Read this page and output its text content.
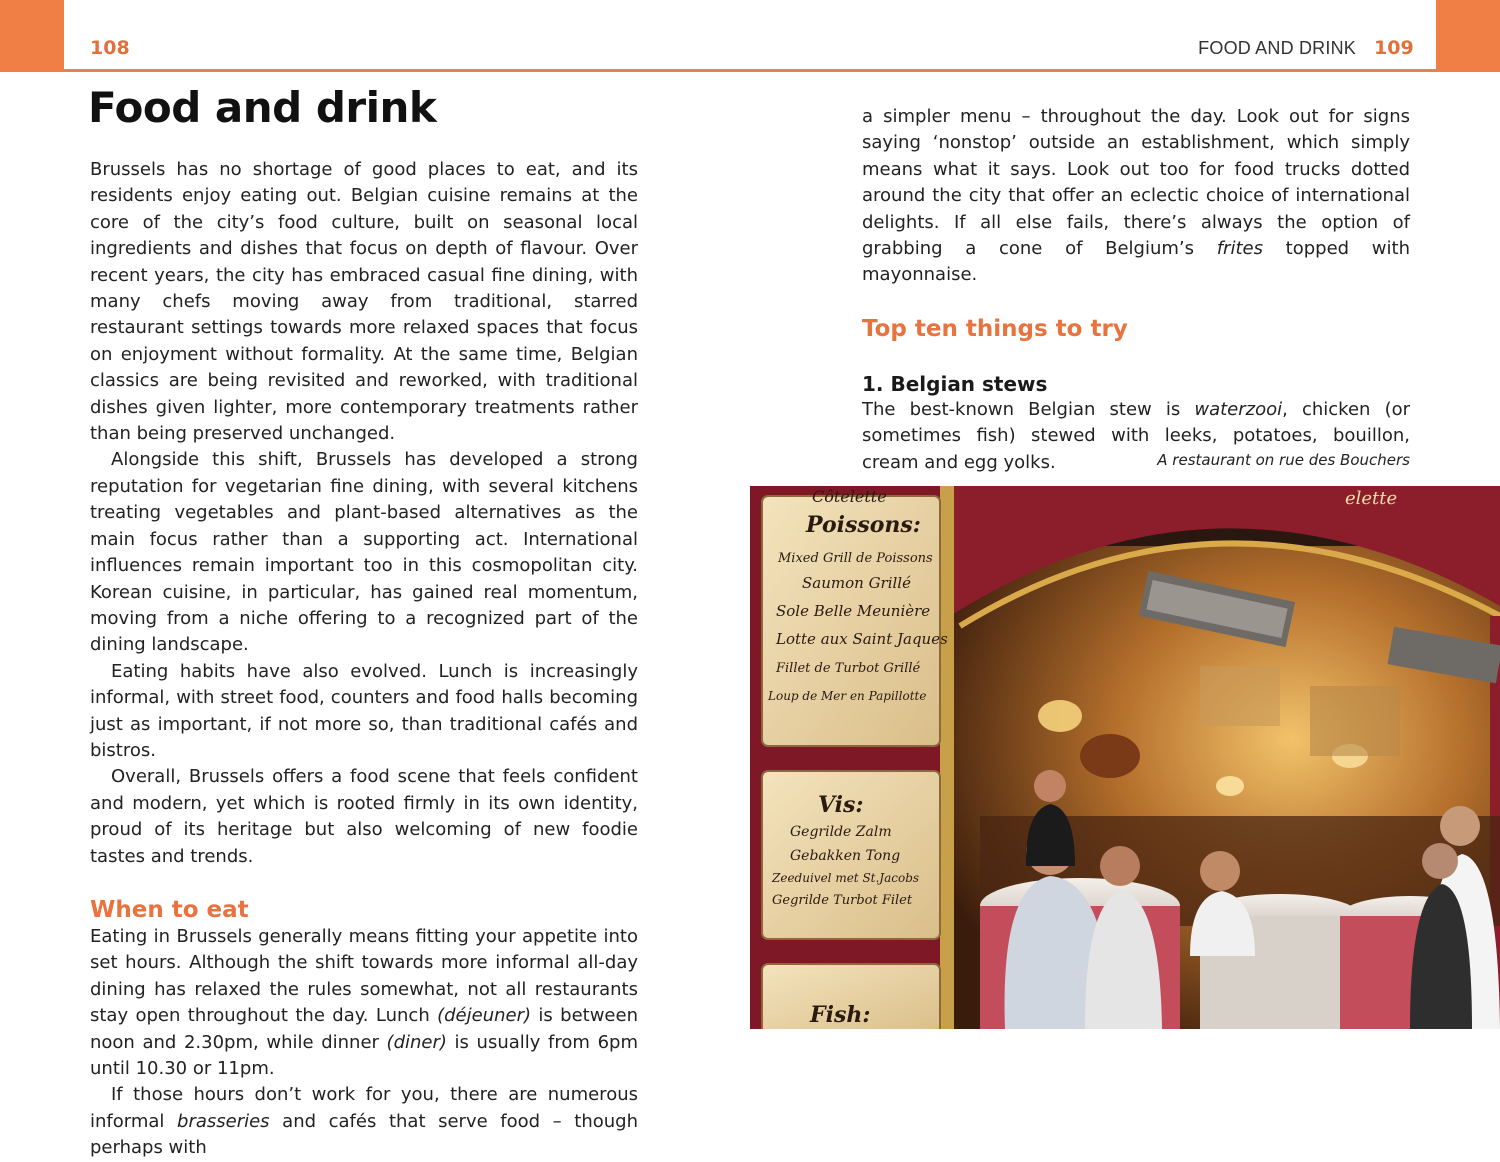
108	FOOD AND DRINK 109
Food and drink

Brussels has no shortage of good places to eat, and its residents enjoy eating out. Belgian cuisine remains at the core of the city’s food culture, built on seasonal local ingredients and dishes that focus on depth of flavour. Over recent years, the city has embraced casual fine dining, with many chefs moving away from traditional, starred restaurant settings towards more relaxed spaces that focus on enjoyment without formality. At the same time, Belgian classics are being revisited and reworked, with traditional dishes given lighter, more contemporary treatments rather than being preserved unchanged.

Alongside this shift, Brussels has developed a strong reputation for vegetarian fine dining, with several kitchens treating vegetables and plant-based alternatives as the main focus rather than a supporting act. International influences remain important too in this cosmopolitan city. Korean cuisine, in particular, has gained real momentum, moving from a niche offering to a recognized part of the dining landscape.

Eating habits have also evolved. Lunch is increasingly informal, with street food, counters and food halls becoming just as important, if not more so, than traditional cafés and bistros.

Overall, Brussels offers a food scene that feels confident and modern, yet which is rooted firmly in its own identity, proud of its heritage but also welcoming of new foodie tastes and trends.

When to eat

Eating in Brussels generally means fitting your appetite into set hours. Although the shift towards more informal all-day dining has relaxed the rules somewhat, not all restaurants stay open throughout the day. Lunch (déjeuner) is between noon and 2.30pm, while dinner (diner) is usually from 6pm until 10.30 or 11pm.

If those hours don’t work for you, there are numerous informal brasseries and cafés that serve food – though perhaps with

a simpler menu – throughout the day. Look out for signs saying ‘nonstop’ outside an establishment, which simply means what it says. Look out too for food trucks dotted around the city that offer an eclectic choice of international delights. If all else fails, there’s always the option of grabbing a cone of Belgium’s frites topped with mayonnaise.

Top ten things to try
1. Belgian stews

The best-known Belgian stew is waterzooi, chicken (or sometimes fish) stewed with leeks, potatoes, bouillon, cream and egg yolks.	A restaurant on rue des Bouchers
Côtelette
Poissons:
Mixed Grill de Poissons
Saumon Grillé
Sole Belle Meunière
Lotte aux Saint Jaques
Fillet de Turbot Grillé
Loup de Mer en Papillotte
Vis:
Gegrilde Zalm
Gebakken Tong
Zeeduivel met St.Jacobs
Gegrilde Turbot Filet
Fish:
elette
